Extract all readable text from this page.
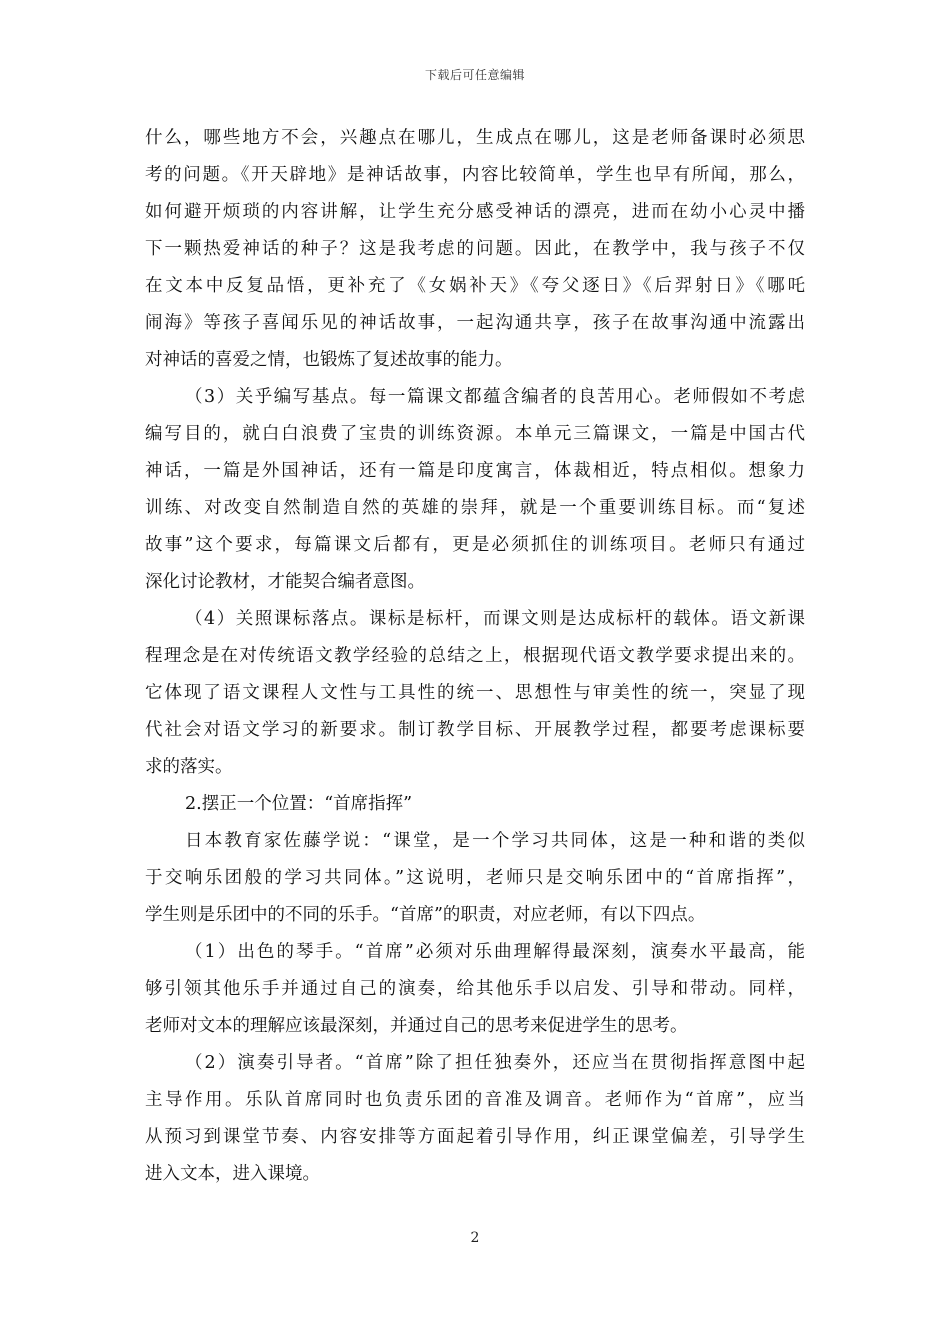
下载后可任意编辑
什么，哪些地方不会，兴趣点在哪儿，生成点在哪儿，这是老师备课时必须思
考的问题。《开天辟地》是神话故事，内容比较简单，学生也早有所闻，那么，
如何避开烦琐的内容讲解，让学生充分感受神话的漂亮，进而在幼小心灵中播
下一颗热爱神话的种子？这是我考虑的问题。因此，在教学中，我与孩子不仅
在文本中反复品悟，更补充了《女娲补天》《夸父逐日》《后羿射日》《哪吒
闹海》等孩子喜闻乐见的神话故事，一起沟通共享，孩子在故事沟通中流露出
对神话的喜爱之情，也锻炼了复述故事的能力。
（3）关乎编写基点。每一篇课文都蕴含编者的良苦用心。老师假如不考虑
编写目的，就白白浪费了宝贵的训练资源。本单元三篇课文，一篇是中国古代
神话，一篇是外国神话，还有一篇是印度寓言，体裁相近，特点相似。想象力
训练、对改变自然制造自然的英雄的崇拜，就是一个重要训练目标。而“复述
故事”这个要求，每篇课文后都有，更是必须抓住的训练项目。老师只有通过
深化讨论教材，才能契合编者意图。
（4）关照课标落点。课标是标杆，而课文则是达成标杆的载体。语文新课
程理念是在对传统语文教学经验的总结之上，根据现代语文教学要求提出来的。
它体现了语文课程人文性与工具性的统一、思想性与审美性的统一，突显了现
代社会对语文学习的新要求。制订教学目标、开展教学过程，都要考虑课标要
求的落实。
2.摆正一个位置：“首席指挥”
日本教育家佐藤学说：“课堂，是一个学习共同体，这是一种和谐的类似
于交响乐团般的学习共同体。”这说明，老师只是交响乐团中的“首席指挥”，
学生则是乐团中的不同的乐手。“首席”的职责，对应老师，有以下四点。
（1）出色的琴手。“首席”必须对乐曲理解得最深刻，演奏水平最高，能
够引领其他乐手并通过自己的演奏，给其他乐手以启发、引导和带动。同样，
老师对文本的理解应该最深刻，并通过自己的思考来促进学生的思考。
（2）演奏引导者。“首席”除了担任独奏外，还应当在贯彻指挥意图中起
主导作用。乐队首席同时也负责乐团的音准及调音。老师作为“首席”，应当
从预习到课堂节奏、内容安排等方面起着引导作用，纠正课堂偏差，引导学生
进入文本，进入课境。
2
